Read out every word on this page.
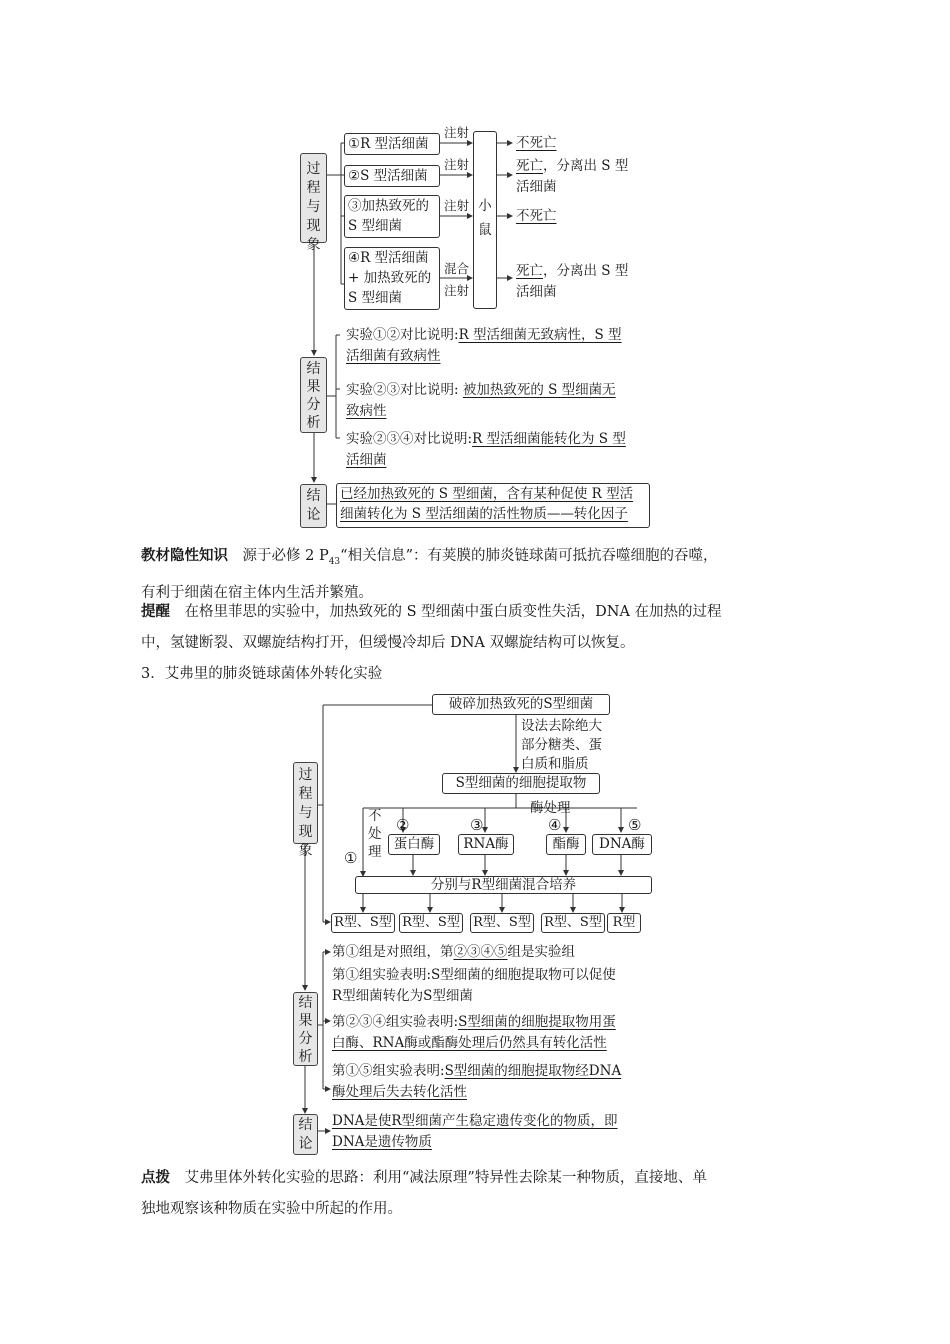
过程与现象
结果分析
结论
①R 型活细菌
②S 型活细菌
③加热致死的
S 型细菌
④R 型活细菌
+ 加热致死的
S 型细菌
注射
注射
注射
混合
注射
小
鼠
不死亡
死亡，分离出 S 型
活细菌
不死亡
死亡，分离出 S 型
活细菌
实验①②对比说明:R 型活细菌无致病性，S 型
活细菌有致病性
实验②③对比说明: 被加热致死的 S 型细菌无
致病性
实验②③④对比说明:R 型活细菌能转化为 S 型
活细菌
已经加热致死的 S 型细菌，含有某种促使 R 型活
细菌转化为 S 型活细菌的活性物质——转化因子
教材隐性知识　源于必修 2 $P_{43}“$相关信息”：有荚膜的肺炎链球菌可抵抗吞噬细胞的吞噬，
有利于细菌在宿主体内生活并繁殖。
提醒　在格里菲思的实验中，加热致死的 S 型细菌中蛋白质变性失活，DNA 在加热的过程
中，氢键断裂、双螺旋结构打开，但缓慢冷却后 DNA 双螺旋结构可以恢复。
3．艾弗里的肺炎链球菌体外转化实验
过程与现象
结果分析
结论
破碎加热致死的S型细菌
设法去除绝大
部分糖类、蛋
白质和脂质
S型细菌的细胞提取物
酶处理
不
处
理
①
②	③	④	⑤
蛋白酶	RNA酶	酯酶	DNA酶
分别与R型细菌混合培养
R型、S型 R型、S型 R型、S型 R型、S型 R型
第①组是对照组，第②③④⑤组是实验组
第①组实验表明:S型细菌的细胞提取物可以促使
R型细菌转化为S型细菌
第②③④组实验表明:S型细菌的细胞提取物用蛋
白酶、RNA酶或酯酶处理后仍然具有转化活性
第①⑤组实验表明:S型细菌的细胞提取物经DNA
酶处理后失去转化活性
DNA是使R型细菌产生稳定遗传变化的物质，即
DNA是遗传物质
点拨　艾弗里体外转化实验的思路：利用“减法原理”特异性去除某一种物质，直接地、单
独地观察该种物质在实验中所起的作用。
